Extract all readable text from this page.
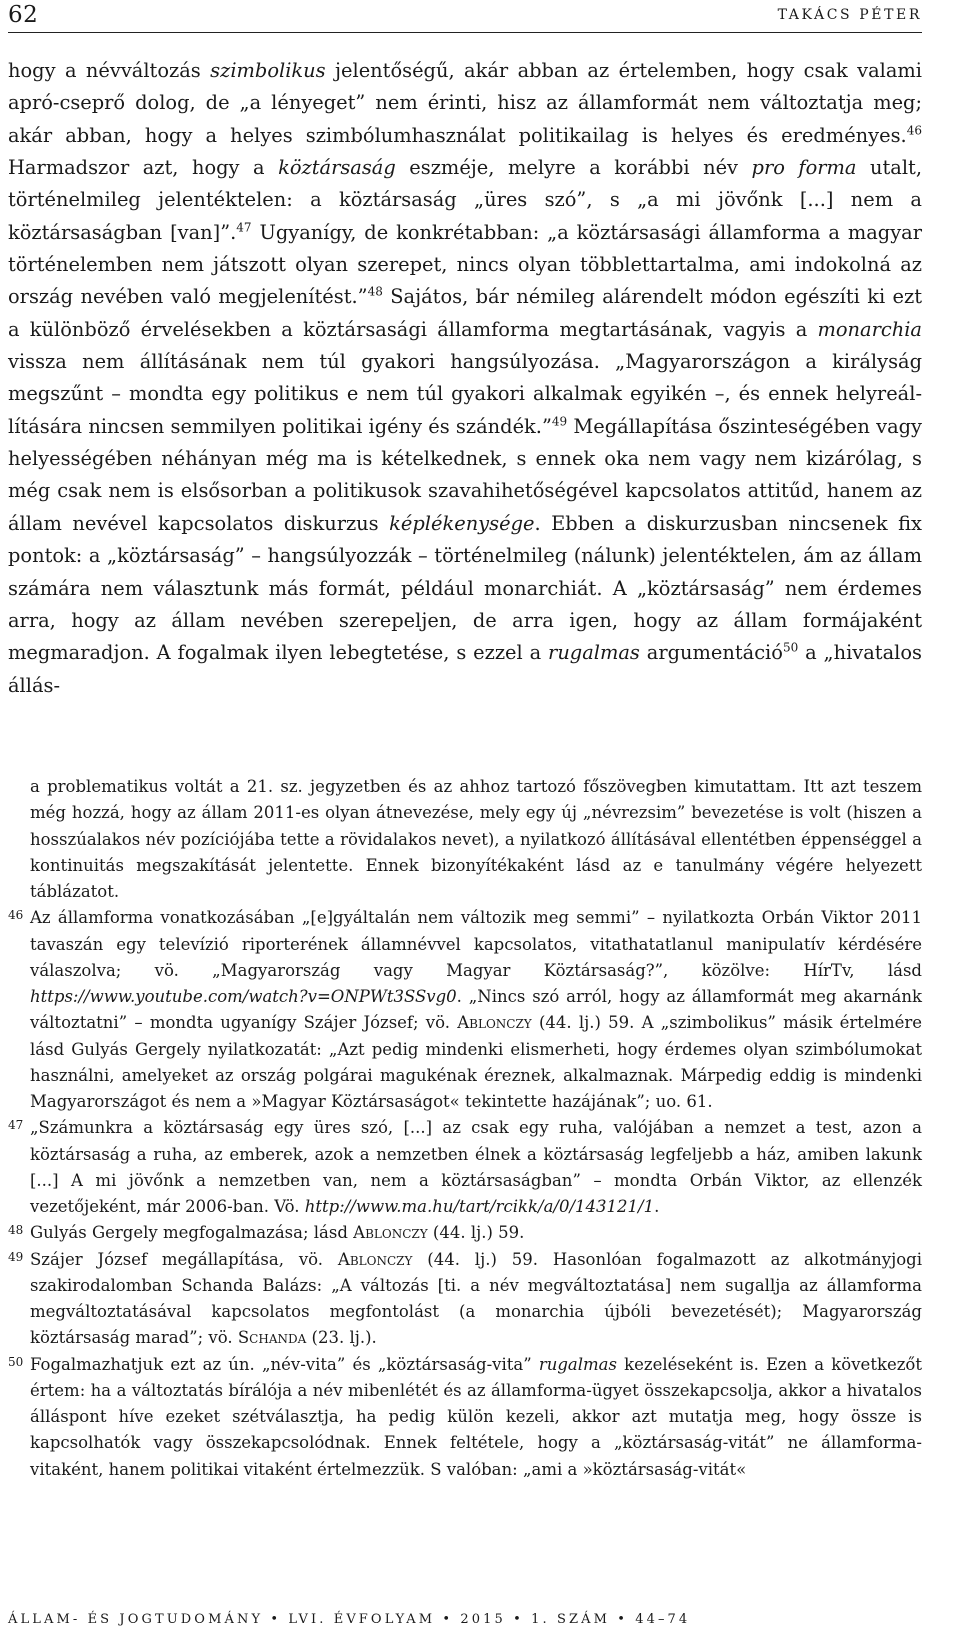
62	TAKÁCS PÉTER

hogy a névváltozás szimbolikus jelentőségű, akár abban az értelemben, hogy csak valami apró-cseprő dolog, de „a lényeget” nem érinti, hisz az államformát nem változtatja meg; akár abban, hogy a helyes szimbólumhasználat politikailag is helyes és eredményes.$^{46}$ Harmadszor azt, hogy a köztársaság eszméje, melyre a korábbi név pro forma utalt, történelmileg jelentéktelen: a köztársaság „üres szó”, s „a mi jövőnk [...] nem a köztársaságban [van]”.$^{47}$ Ugyanígy, de konkrétabban: „a köztársasági államforma a magyar történelemben nem játszott olyan szerepet, nincs olyan többlettartalma, ami indokolná az ország nevében való megjelenítést.”$^{48}$ Sajátos, bár némileg alárendelt módon egészíti ki ezt a különböző érvelésekben a köztársasági államforma megtartásának, vagyis a monarchia vissza nem állításának nem túl gyakori hangsúlyozása. „Magyarországon a királyság megszűnt – mondta egy politikus e nem túl gyakori alkalmak egyikén –, és ennek helyreállítására nincsen semmilyen politikai igény és szándék.”$^{49}$ Megállapítása őszinteségében vagy helyességében néhányan még ma is kételkednek, s ennek oka nem vagy nem kizárólag, s még csak nem is elsősorban a politikusok szavahihetőségével kapcsolatos attitűd, hanem az állam nevével kapcsolatos diskurzus képlékenysége. Ebben a diskurzusban nincsenek fix pontok: a „köztársaság” – hangsúlyozzák – történelmileg (nálunk) jelentéktelen, ám az állam számára nem választunk más formát, például monarchiát. A „köztársaság” nem érdemes arra, hogy az állam nevében szerepeljen, de arra igen, hogy az állam formájaként megmaradjon. A fogalmak ilyen lebegtetése, s ezzel a rugalmas argumentáció$^{50}$ a „hivatalos állás-

a problematikus voltát a 21. sz. jegyzetben és az ahhoz tartozó főszövegben kimutattam. Itt azt teszem még hozzá, hogy az állam 2011-es olyan átnevezése, mely egy új „névrezsim” bevezetése is volt (hiszen a hosszúalakos név pozíciójába tette a rövidalakos nevet), a nyilatkozó állításával ellentétben éppenséggel a kontinuitás megszakítását jelentette. Ennek bizonyítékaként lásd az e tanulmány végére helyezett táblázatot.

46 Az államforma vonatkozásában „[e]gyáltalán nem változik meg semmi” – nyilatkozta Orbán Viktor 2011 tavaszán egy televízió riporterének államnévvel kapcsolatos, vitathatatlanul manipulatív kérdésére válaszolva; vö. „Magyarország vagy Magyar Köztársaság?”, közölve: HírTv, lásd https://www.youtube.com/watch?v=ONPWt3SSvg0. „Nincs szó arról, hogy az államformát meg akarnánk változtatni” – mondta ugyanígy Szájer József; vö. Ablonczy (44. lj.) 59. A „szimbolikus” másik értelmére lásd Gulyás Gergely nyilatkozatát: „Azt pedig mindenki elismerheti, hogy érdemes olyan szimbólumokat használni, amelyeket az ország polgárai magukénak éreznek, alkalmaznak. Márpedig eddig is mindenki Magyarországot és nem a »Magyar Köztársaságot« tekintette hazájának”; uo. 61.

47 „Számunkra a köztársaság egy üres szó, [...] az csak egy ruha, valójában a nemzet a test, azon a köztársaság a ruha, az emberek, azok a nemzetben élnek a köztársaság legfeljebb a ház, amiben lakunk [...] A mi jövőnk a nemzetben van, nem a köztársaságban” – mondta Orbán Viktor, az ellenzék vezetőjeként, már 2006-ban. Vö. http://www.ma.hu/tart/rcikk/a/0/143121/1.

48 Gulyás Gergely megfogalmazása; lásd Ablonczy (44. lj.) 59.

49 Szájer József megállapítása, vö. Ablonczy (44. lj.) 59. Hasonlóan fogalmazott az alkotmányjogi szakirodalomban Schanda Balázs: „A változás [ti. a név megváltoztatása] nem sugallja az államforma megváltoztatásával kapcsolatos megfontolást (a monarchia újbóli bevezetését); Magyarország köztársaság marad”; vö. Schanda (23. lj.).

50 Fogalmazhatjuk ezt az ún. „név-vita” és „köztársaság-vita” rugalmas kezeléseként is. Ezen a következőt értem: ha a változtatás bírálója a név mibenlétét és az államforma-ügyet összekapcsolja, akkor a hivatalos álláspont híve ezeket szétválasztja, ha pedig külön kezeli, akkor azt mutatja meg, hogy össze is kapcsolhatók vagy összekapcsolódnak. Ennek feltétele, hogy a „köztársaság-vitát” ne államforma-vitaként, hanem politikai vitaként értelmezzük. S valóban: „ami a »köztársaság-vitát«

ÁLLAM- ÉS JOGTUDOMÁNY • LVI. ÉVFOLYAM • 2015 • 1. SZÁM • 44–74
